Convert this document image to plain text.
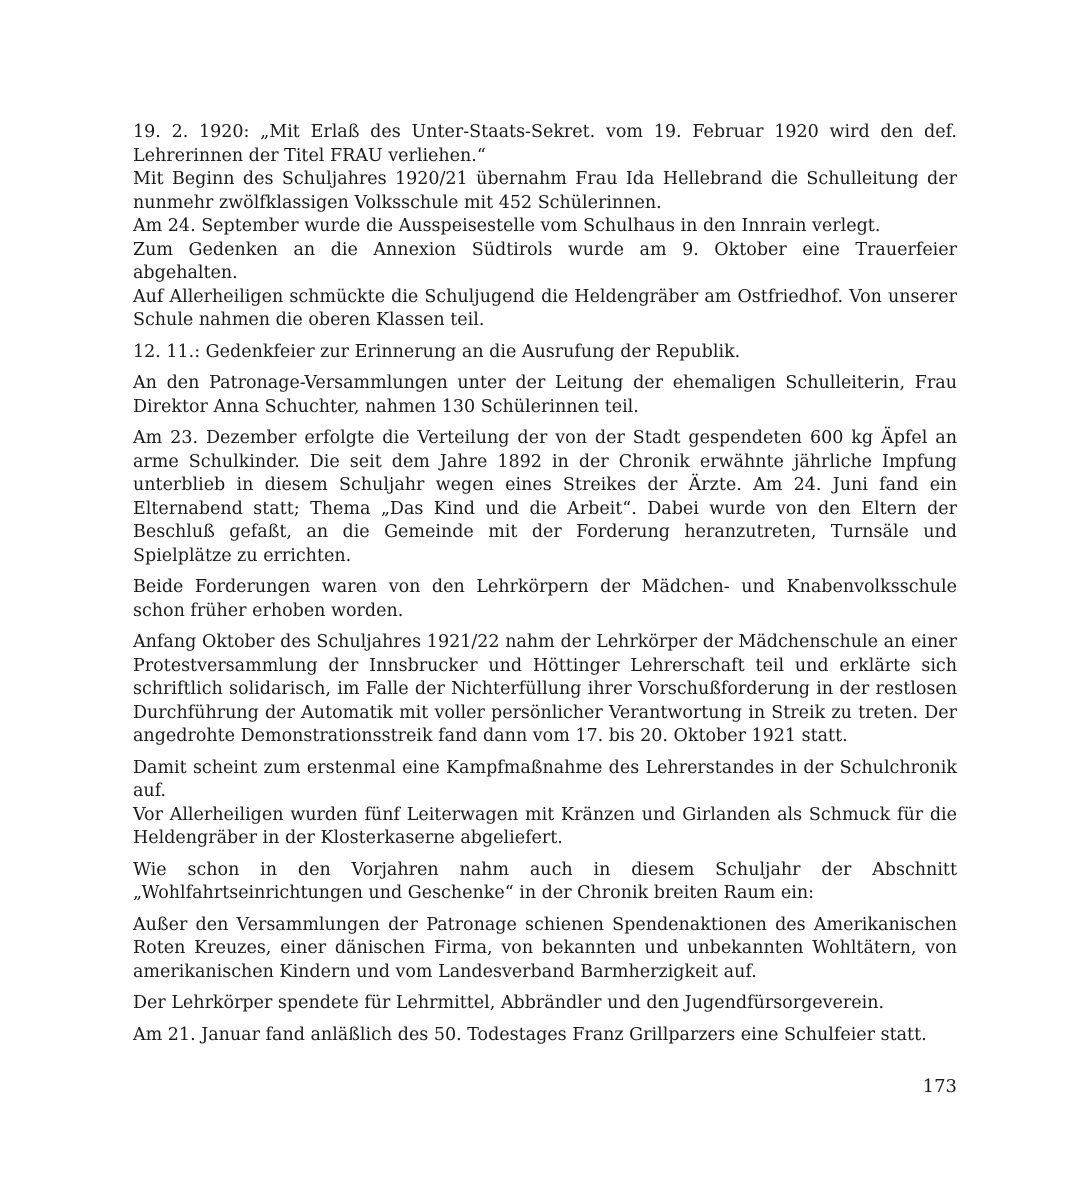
19. 2. 1920: „Mit Erlaß des Unter-Staats-Sekret. vom 19. Februar 1920 wird den def. Lehrerinnen der Titel FRAU verliehen.“

Mit Beginn des Schuljahres 1920/21 übernahm Frau Ida Hellebrand die Schulleitung der nunmehr zwölfklassigen Volksschule mit 452 Schülerinnen.

Am 24. September wurde die Ausspeisestelle vom Schulhaus in den Innrain verlegt.

Zum Gedenken an die Annexion Südtirols wurde am 9. Oktober eine Trauerfeier abgehalten.

Auf Allerheiligen schmückte die Schuljugend die Heldengräber am Ostfriedhof. Von unserer Schule nahmen die oberen Klassen teil.

12. 11.: Gedenkfeier zur Erinnerung an die Ausrufung der Republik.

An den Patronage-Versammlungen unter der Leitung der ehemaligen Schulleiterin, Frau Direktor Anna Schuchter, nahmen 130 Schülerinnen teil.

Am 23. Dezember erfolgte die Verteilung der von der Stadt gespendeten 600 kg Äpfel an arme Schulkinder. Die seit dem Jahre 1892 in der Chronik erwähnte jährliche Impfung unterblieb in diesem Schuljahr wegen eines Streikes der Ärzte. Am 24. Juni fand ein Elternabend statt; Thema „Das Kind und die Arbeit“. Dabei wurde von den Eltern der Beschluß gefaßt, an die Gemeinde mit der Forderung heranzutreten, Turnsäle und Spielplätze zu errichten.

Beide Forderungen waren von den Lehrkörpern der Mädchen- und Knabenvolksschule schon früher erhoben worden.

Anfang Oktober des Schuljahres 1921/22 nahm der Lehrkörper der Mädchenschule an einer Protestversammlung der Innsbrucker und Höttinger Lehrerschaft teil und erklärte sich schriftlich solidarisch, im Falle der Nichterfüllung ihrer Vorschußforderung in der restlosen Durchführung der Automatik mit voller persönlicher Verantwortung in Streik zu treten. Der angedrohte Demonstrationsstreik fand dann vom 17. bis 20. Oktober 1921 statt.

Damit scheint zum erstenmal eine Kampfmaßnahme des Lehrerstandes in der Schulchronik auf.

Vor Allerheiligen wurden fünf Leiterwagen mit Kränzen und Girlanden als Schmuck für die Heldengräber in der Klosterkaserne abgeliefert.

Wie schon in den Vorjahren nahm auch in diesem Schuljahr der Abschnitt „Wohlfahrtseinrichtungen und Geschenke“ in der Chronik breiten Raum ein:

Außer den Versammlungen der Patronage schienen Spendenaktionen des Amerikanischen Roten Kreuzes, einer dänischen Firma, von bekannten und unbekannten Wohltätern, von amerikanischen Kindern und vom Landesverband Barmherzigkeit auf.

Der Lehrkörper spendete für Lehrmittel, Abbrändler und den Jugendfürsorgeverein.

Am 21. Januar fand anläßlich des 50. Todestages Franz Grillparzers eine Schulfeier statt.

173
